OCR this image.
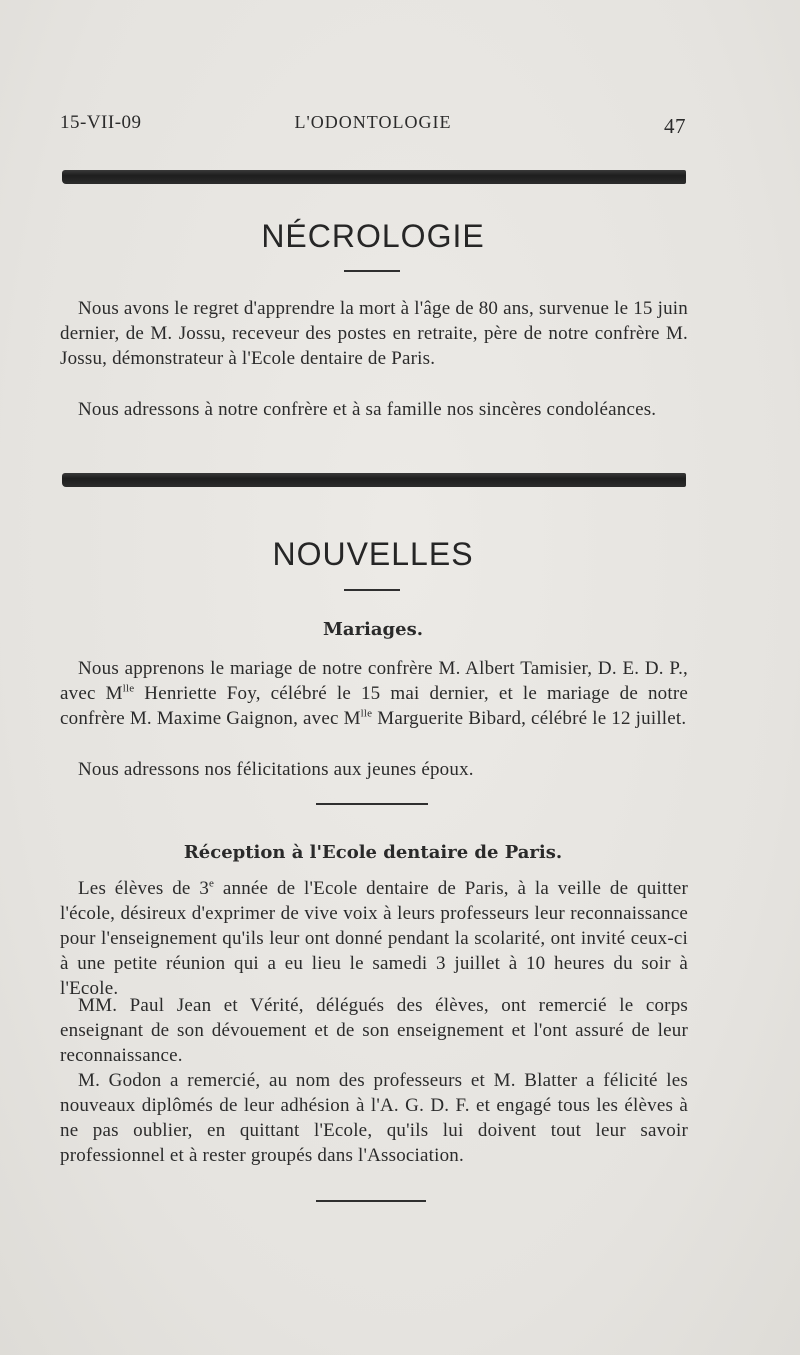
15-VII-09	L'ODONTOLOGIE	47
NÉCROLOGIE
Nous avons le regret d'apprendre la mort à l'âge de 80 ans, survenue le 15 juin dernier, de M. Jossu, receveur des postes en retraite, père de notre confrère M. Jossu, démonstrateur à l'Ecole dentaire de Paris.
Nous adressons à notre confrère et à sa famille nos sincères condoléances.
NOUVELLES
Mariages.
Nous apprenons le mariage de notre confrère M. Albert Tamisier, D. E. D. P., avec $M^{lle}$ Henriette Foy, célébré le 15 mai dernier, et le mariage de notre confrère M. Maxime Gaignon, avec $M^{lle}$ Marguerite Bibard, célébré le 12 juillet.
Nous adressons nos félicitations aux jeunes époux.
Réception à l'Ecole dentaire de Paris.
Les élèves de 3e année de l'Ecole dentaire de Paris, à la veille de quitter l'école, désireux d'exprimer de vive voix à leurs professeurs leur reconnaissance pour l'enseignement qu'ils leur ont donné pendant la scolarité, ont invité ceux-ci à une petite réunion qui a eu lieu le samedi 3 juillet à 10 heures du soir à l'Ecole.
MM. Paul Jean et Vérité, délégués des élèves, ont remercié le corps enseignant de son dévouement et de son enseignement et l'ont assuré de leur reconnaissance.
M. Godon a remercié, au nom des professeurs et M. Blatter a félicité les nouveaux diplômés de leur adhésion à l'A. G. D. F. et engagé tous les élèves à ne pas oublier, en quittant l'Ecole, qu'ils lui doivent tout leur savoir professionnel et à rester groupés dans l'Association.
